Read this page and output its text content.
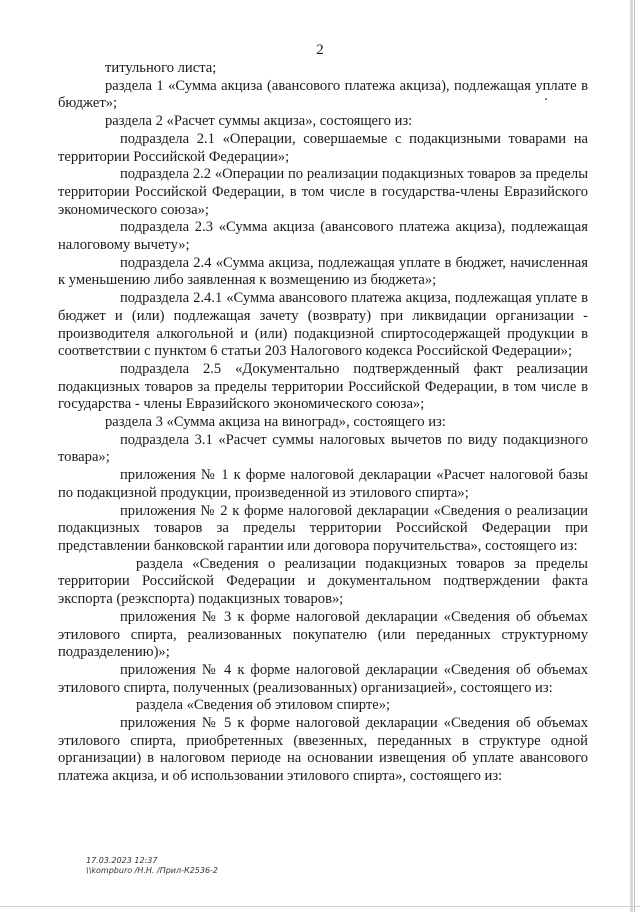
2

титульного листа;

раздела 1 «Сумма акциза (авансового платежа акциза), подлежащая уплате в бюджет»;

раздела 2 «Расчет суммы акциза», состоящего из:

подраздела 2.1 «Операции, совершаемые с подакцизными товарами на территории Российской Федерации»;

подраздела 2.2 «Операции по реализации подакцизных товаров за пределы территории Российской Федерации, в том числе в государства-члены Евразийского экономического союза»;

подраздела 2.3 «Сумма акциза (авансового платежа акциза), подлежащая налоговому вычету»;

подраздела 2.4 «Сумма акциза, подлежащая уплате в бюджет, начисленная к уменьшению либо заявленная к возмещению из бюджета»;

подраздела 2.4.1 «Сумма авансового платежа акциза, подлежащая уплате в бюджет и (или) подлежащая зачету (возврату) при ликвидации организации - производителя алкогольной и (или) подакцизной спиртосодержащей продукции в соответствии с пунктом 6 статьи 203 Налогового кодекса Российской Федерации»;

подраздела 2.5 «Документально подтвержденный факт реализации подакцизных товаров за пределы территории Российской Федерации, в том числе в государства - члены Евразийского экономического союза»;

раздела 3 «Сумма акциза на виноград», состоящего из:

подраздела 3.1 «Расчет суммы налоговых вычетов по виду подакцизного товара»;

приложения № 1 к форме налоговой декларации «Расчет налоговой базы по подакцизной продукции, произведенной из этилового спирта»;

приложения № 2 к форме налоговой декларации «Сведения о реализации подакцизных товаров за пределы территории Российской Федерации при представлении банковской гарантии или договора поручительства», состоящего из:

раздела «Сведения о реализации подакцизных товаров за пределы территории Российской Федерации и документальном подтверждении факта экспорта (реэкспорта) подакцизных товаров»;

приложения № 3 к форме налоговой декларации «Сведения об объемах этилового спирта, реализованных покупателю (или переданных структурному подразделению)»;

приложения № 4 к форме налоговой декларации «Сведения об объемах этилового спирта, полученных (реализованных) организацией», состоящего из:

раздела «Сведения об этиловом спирте»;

приложения № 5 к форме налоговой декларации «Сведения об объемах этилового спирта, приобретенных (ввезенных, переданных в структуре одной организации) в налоговом периоде на основании извещения об уплате авансового платежа акциза, и об использовании этилового спирта», состоящего из:

17.03.2023 12:37
\\kompburo /Н.Н. /Прил-К2536-2
